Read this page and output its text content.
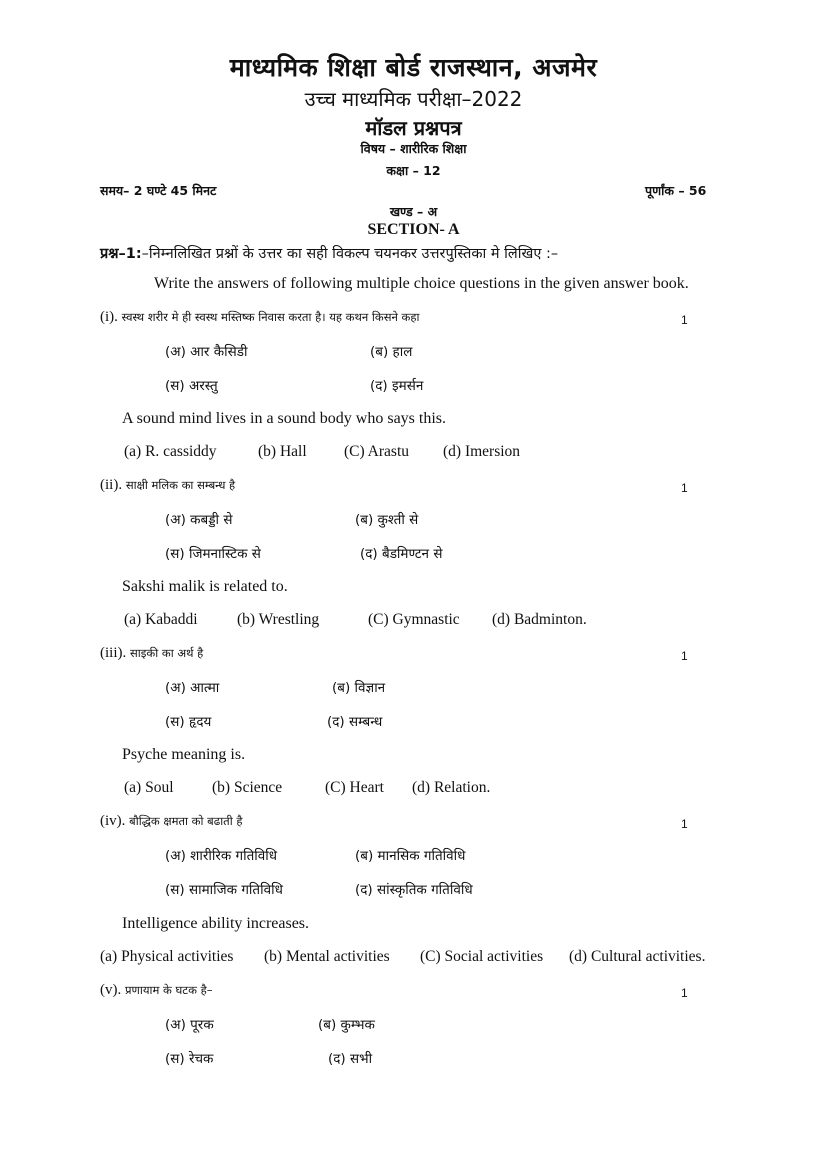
माध्यमिक शिक्षा बोर्ड राजस्थान, अजमेर
उच्च माध्यमिक परीक्षा–2022
मॉडल प्रश्नपत्र
विषय – शारीरिक शिक्षा
कक्षा – 12
समय– 2 घण्टे 45 मिनट	पूर्णांक – 56
खण्ड – अ
SECTION- A
प्रश्न–1:–निम्नलिखित प्रश्नों के उत्तर का सही विकल्प चयनकर उत्तरपुस्तिका मे लिखिए :–
Write the answers of following multiple choice questions in the given answer book.
(i). स्वस्थ शरीर मे ही स्वस्थ मस्तिष्क निवास करता है। यह कथन किसने कहा	1
(अ) आर कैसिडी	(ब) हाल
(स) अरस्तु	(द) इमर्सन
A sound mind lives in a sound body who says this.
(a) R. cassiddy	(b) Hall (C) Arastu (d) Imersion
(ii). साक्षी मलिक का सम्बन्ध है	1
(अ) कबड्डी से	(ब) कुश्ती से
(स) जिमनास्टिक से	(द) बैडमिण्टन से
Sakshi malik is related to.
(a) Kabaddi	(b) Wrestling	(C) Gymnastic (d) Badminton.
(iii). साइकी का अर्थ है	1
(अ) आत्मा	(ब) विज्ञान
(स) हृदय	(द) सम्बन्ध
Psyche meaning is.
(a) Soul (b) Science	(C) Heart (d) Relation.
(iv). बौद्धिक क्षमता को बढाती है	1
(अ) शारीरिक गतिविधि	(ब) मानसिक गतिविधि
(स) सामाजिक गतिविधि	(द) सांस्कृतिक गतिविधि
Intelligence ability increases.
(a) Physical activities (b) Mental activities (C) Social activities (d) Cultural activities.
(v). प्रणायाम के घटक है–	1
(अ) पूरक	(ब) कुम्भक
(स) रेचक	(द) सभी
